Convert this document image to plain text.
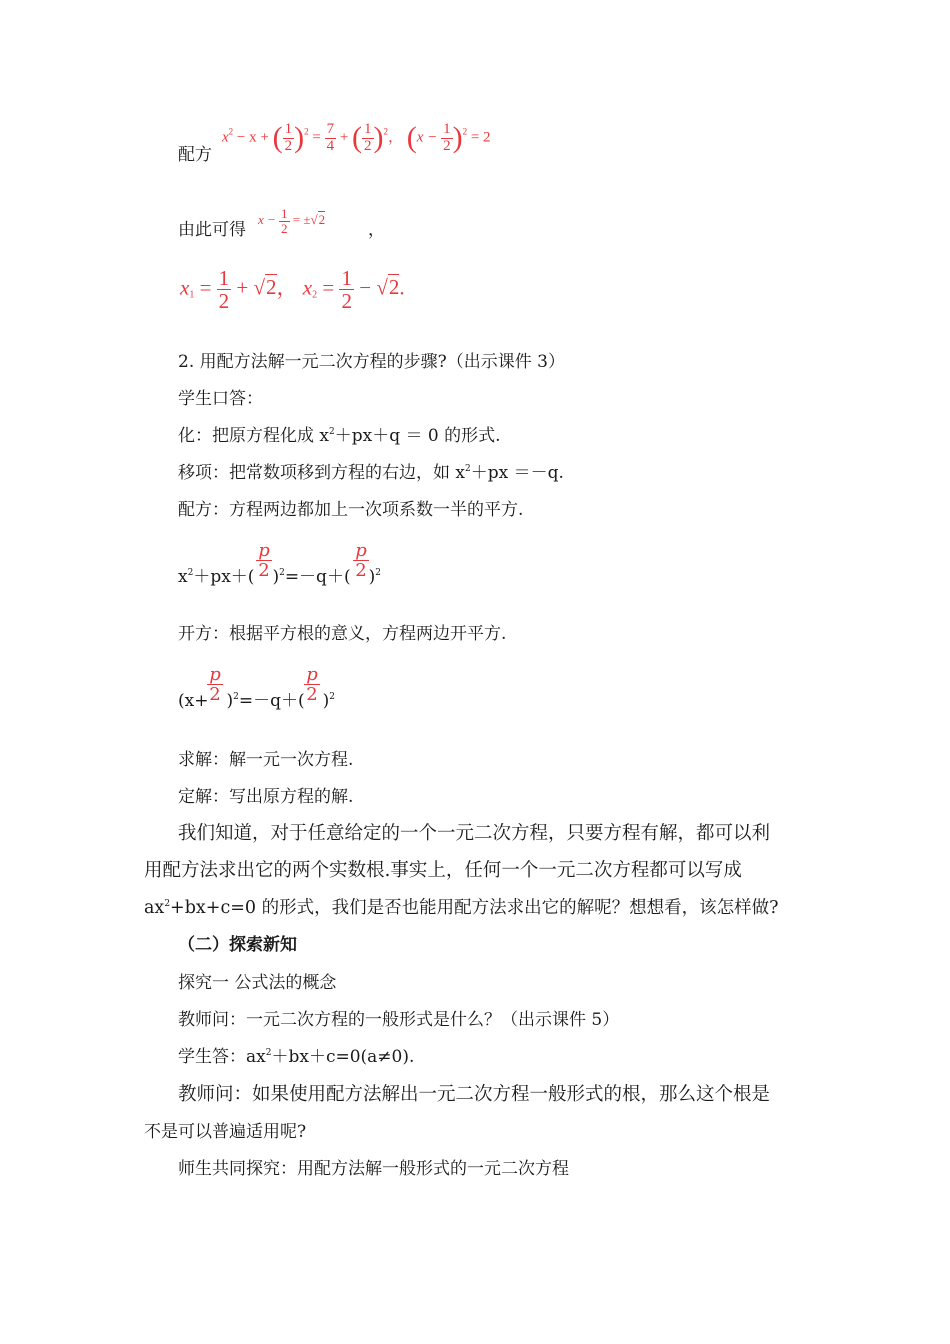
配方
$x^2 - x$ + ( $\frac{1}{2} )^2 = \frac{7}{4}$ + ( $\frac{1}{2} )^2$， $(x - \frac{1}{2} )^2 = 2$
由此可得
$x - \frac{1}{2} = \pm√2$
，
$x_1 = \frac{1}{2} + √2$， $x_2 = \frac{1}{2} - √2$.
2. 用配方法解一元二次方程的步骤?（出示课件 3）
学生口答：
化：把原方程化成 $x^2+px+q = 0$ 的形式.
移项：把常数项移到方程的右边，如 $x^2+px =-q$.
配方：方程两边都加上一次项系数一半的平方.
$x^2+px+$( )$^2$=－q＋( )$^2$
p
2
p
2
开方：根据平方根的意义，方程两边开平方.
$(x+ )^2=-q+$( )$^2$
p
2
p
2
求解：解一元一次方程.
定解：写出原方程的解.
我们知道，对于任意给定的一个一元二次方程，只要方程有解，都可以利
用配方法求出它的两个实数根.事实上，任何一个一元二次方程都可以写成
$ax^2+bx+c=0$ 的形式，我们是否也能用配方法求出它的解呢？想想看，该怎样做?
（二）探索新知
探究一 公式法的概念
教师问：一元二次方程的一般形式是什么？（出示课件 5）
学生答：$ax^2+bx+c=0(a\ne 0)$.
教师问：如果使用配方法解出一元二次方程一般形式的根，那么这个根是
不是可以普遍适用呢?
师生共同探究：用配方法解一般形式的一元二次方程
